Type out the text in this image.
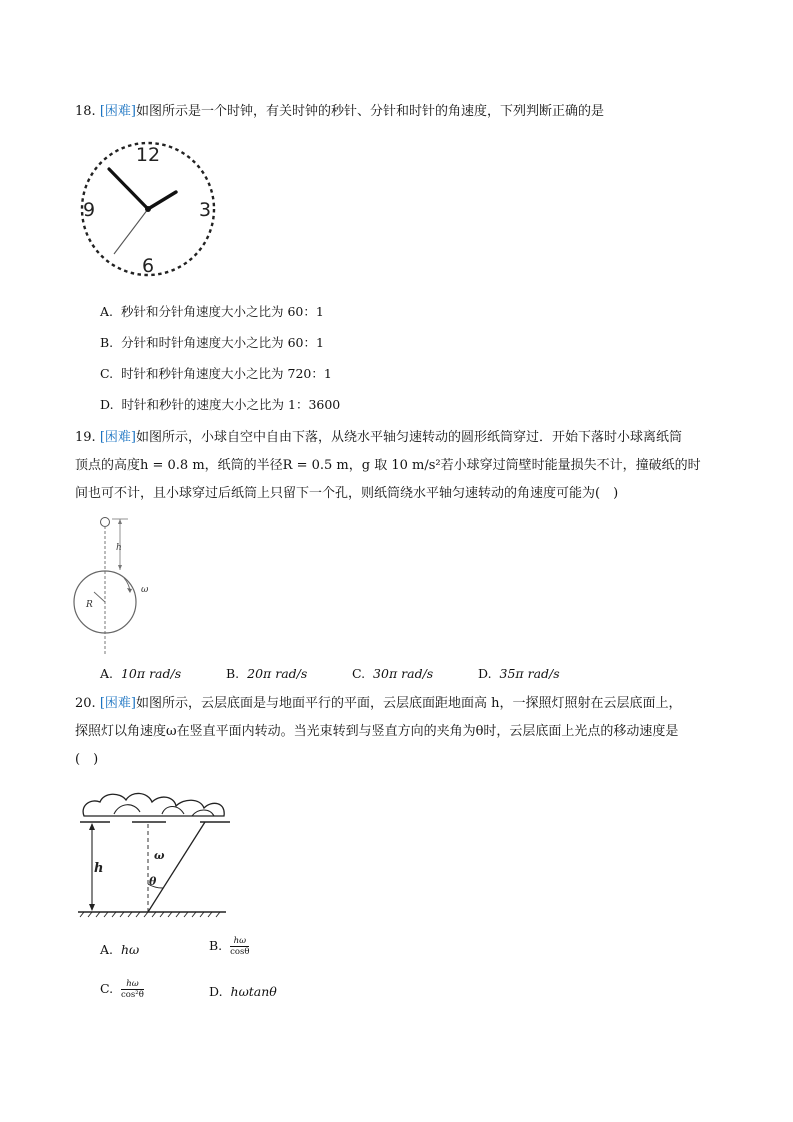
18. [困难]如图所示是一个时钟，有关时钟的秒针、分针和时针的角速度，下列判断正确的是
12
3
6
9
A. 秒针和分针角速度大小之比为 60：1
B. 分针和时针角速度大小之比为 60：1
C. 时针和秒针角速度大小之比为 720：1
D. 时针和秒针的速度大小之比为 1：3600
19. [困难]如图所示，小球自空中自由下落，从绕水平轴匀速转动的圆形纸筒穿过．开始下落时小球离纸筒
顶点的高度h = 0.8 m，纸筒的半径R = 0.5 m，g 取 10 m/s²若小球穿过筒壁时能量损失不计，撞破纸的时
间也可不计，且小球穿过后纸筒上只留下一个孔，则纸筒绕水平轴匀速转动的角速度可能为(　)
h
R
ω
A. 10π rad/s	B. 20π rad/s	C. 30π rad/s	D. 35π rad/s
20. [困难]如图所示，云层底面是与地面平行的平面，云层底面距地面高 h，一探照灯照射在云层底面上，
探照灯以角速度ω在竖直平面内转动。当光束转到与竖直方向的夹角为θ时，云层底面上光点的移动速度是
(　)
h
ω
θ
A. hω	B. $\frac{h\omega}{\cos\theta}$
C. $\frac{h\omega}{\text{cos²θ}}$	D. hωtanθ
